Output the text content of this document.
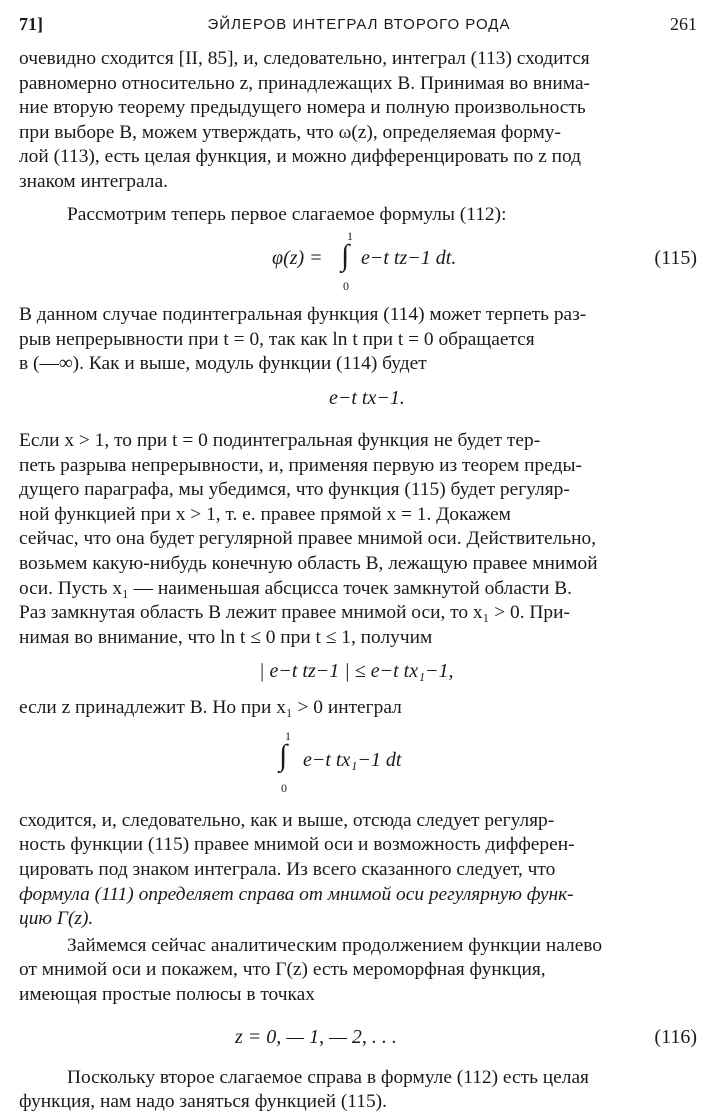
71]	ЭЙЛЕРОВ ИНТЕГРАЛ ВТОРОГО РОДА	261

очевидно сходится [II, 85], и, следовательно, интеграл (113) сходится

равномерно относительно z, принадлежащих B. Принимая во внима-

ние вторую теорему предыдущего номера и полную произвольность

при выборе B, можем утверждать, что ω(z), определяемая форму-

лой (113), есть целая функция, и можно дифференцировать по z под

знаком интеграла.

Рассмотрим теперь первое слагаемое формулы (112):

φ(z) =
1
∫
0
e−t tz−1 dt.	(115)

В данном случае подинтегральная функция (114) может терпеть раз-

рыв непрерывности при t = 0, так как ln t при t = 0 обращается

в (—∞). Как и выше, модуль функции (114) будет

e−t tx−1.

Если x > 1, то при t = 0 подинтегральная функция не будет тер-

петь разрыва непрерывности, и, применяя первую из теорем преды-

дущего параграфа, мы убедимся, что функция (115) будет регуляр-

ной функцией при x > 1, т. е. правее прямой x = 1. Докажем

сейчас, что она будет регулярной правее мнимой оси. Действительно,

возьмем какую-нибудь конечную область B, лежащую правее мнимой

оси. Пусть x₁ — наименьшая абсцисса точек замкнутой области B.

Раз замкнутая область B лежит правее мнимой оси, то x₁ > 0. При-

нимая во внимание, что ln t ≤ 0 при t ≤ 1, получим

| e−t tz−1 | ≤ e−t tx₁−1,

если z принадлежит B. Но при x₁ > 0 интеграл

1
∫
0
e−t tx₁−1 dt

сходится, и, следовательно, как и выше, отсюда следует регуляр-

ность функции (115) правее мнимой оси и возможность дифферен-

цировать под знаком интеграла. Из всего сказанного следует, что

формула (111) определяет справа от мнимой оси регулярную функ-

цию Γ(z).

Займемся сейчас аналитическим продолжением функции налево

от мнимой оси и покажем, что Γ(z) есть мероморфная функция,

имеющая простые полюсы в точках

z = 0, — 1, — 2, . . .	(116)

Поскольку второе слагаемое справа в формуле (112) есть целая

функция, нам надо заняться функцией (115).
